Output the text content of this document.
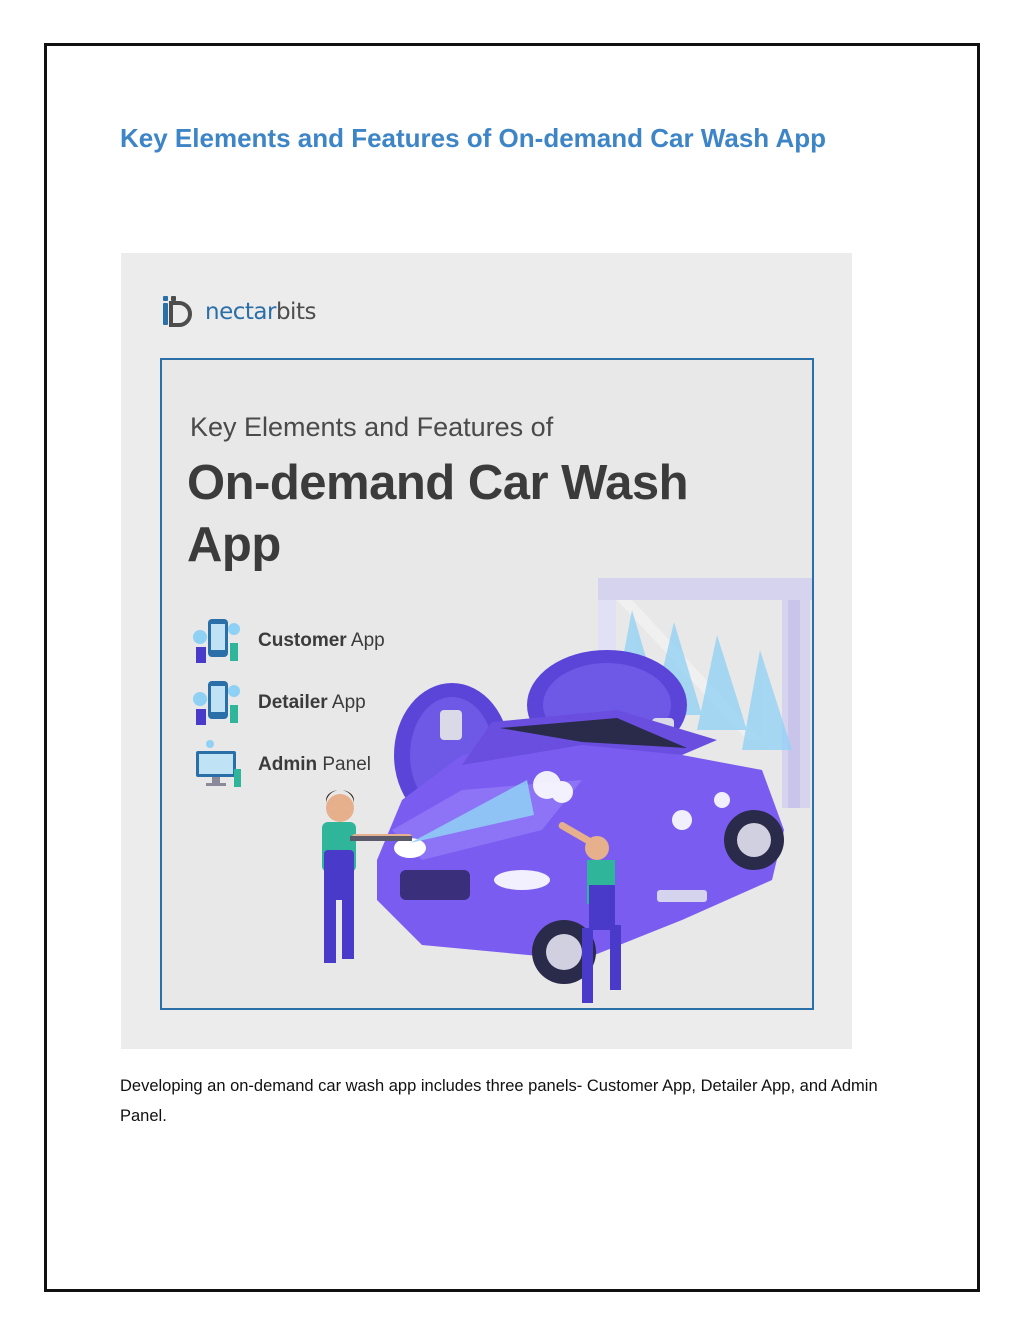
Key Elements and Features of On-demand Car Wash App
nectarbits
Key Elements and Features of
On-demand Car Wash
App
Customer App
Detailer App
Admin Panel

Developing an on-demand car wash app includes three panels- Customer App, Detailer App, and Admin Panel.
